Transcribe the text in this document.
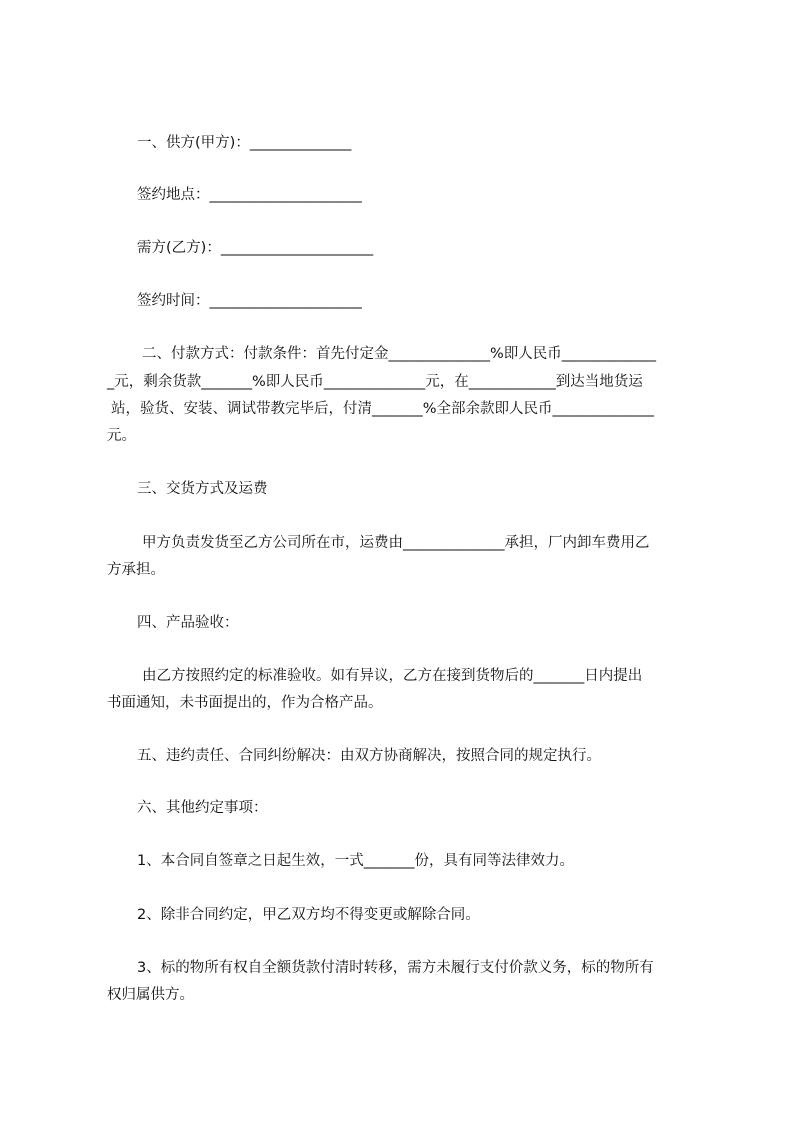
一、供方(甲方)：______________
签约地点：_____________________
需方(乙方)：_____________________
签约时间：_____________________
二、付款方式：付款条件：首先付定金______________%即人民币_____________
_元，剩余货款_______%即人民币______________元，在____________到达当地货运
站，验货、安装、调试带教完毕后，付清_______%全部余款即人民币______________
元。
三、交货方式及运费
甲方负责发货至乙方公司所在市，运费由______________承担，厂内卸车费用乙
方承担。
四、产品验收：
由乙方按照约定的标准验收。如有异议，乙方在接到货物后的_______日内提出
书面通知，未书面提出的，作为合格产品。
五、违约责任、合同纠纷解决：由双方协商解决，按照合同的规定执行。
六、其他约定事项：
1、本合同自签章之日起生效，一式_______份，具有同等法律效力。
2、除非合同约定，甲乙双方均不得变更或解除合同。
3、标的物所有权自全额货款付清时转移，需方未履行支付价款义务，标的物所有
权归属供方。
